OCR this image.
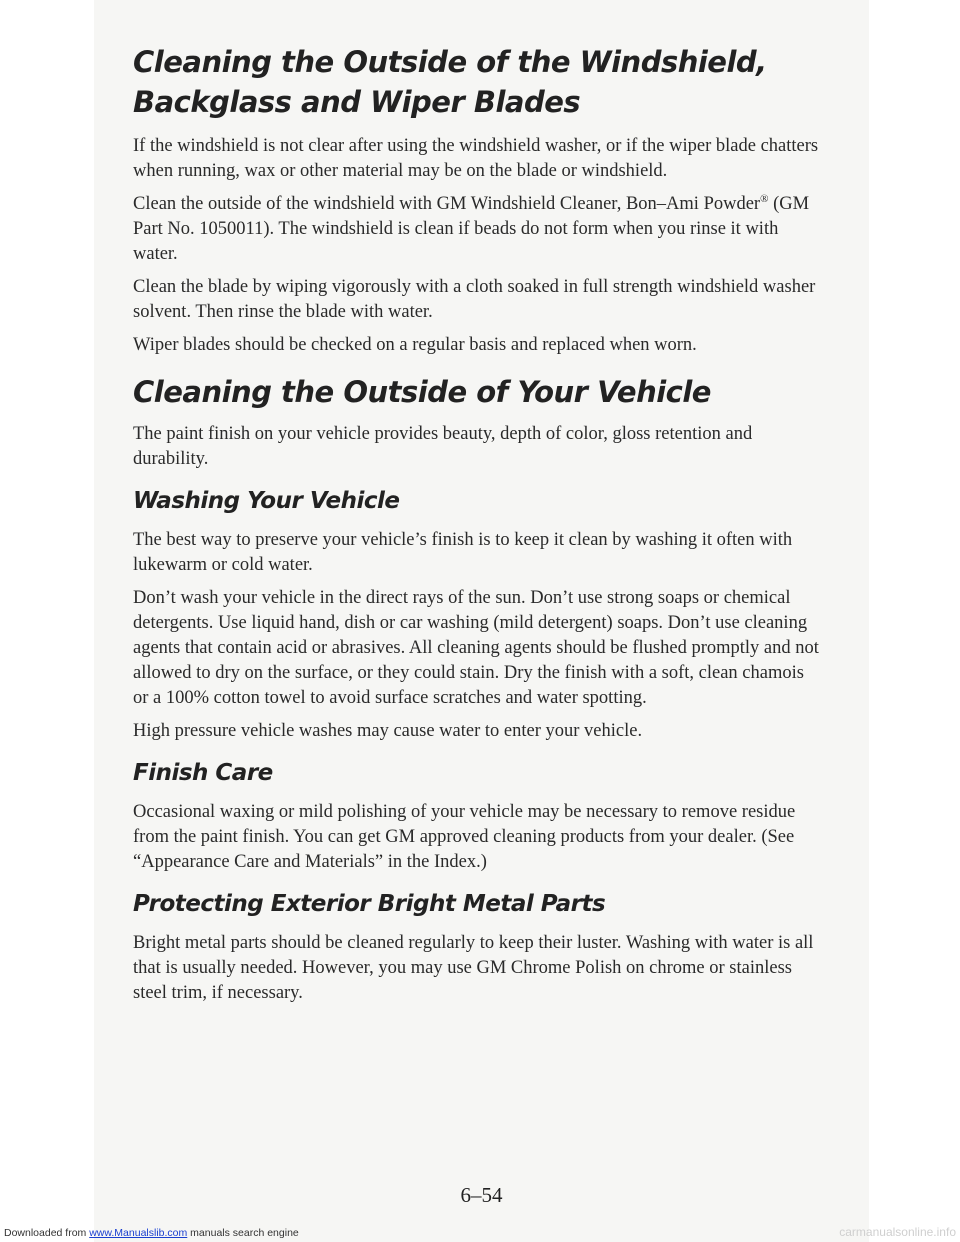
Cleaning the Outside of the Windshield,
Backglass and Wiper Blades

If the windshield is not clear after using the windshield washer, or if the wiper blade chatters when running, wax or other material may be on the blade or windshield.

Clean the outside of the windshield with GM Windshield Cleaner, Bon–Ami Powder® (GM Part No. 1050011). The windshield is clean if beads do not form when you rinse it with water.

Clean the blade by wiping vigorously with a cloth soaked in full strength windshield washer solvent. Then rinse the blade with water.

Wiper blades should be checked on a regular basis and replaced when worn.

Cleaning the Outside of Your Vehicle

The paint finish on your vehicle provides beauty, depth of color, gloss retention and durability.

Washing Your Vehicle

The best way to preserve your vehicle’s finish is to keep it clean by washing it often with lukewarm or cold water.

Don’t wash your vehicle in the direct rays of the sun. Don’t use strong soaps or chemical detergents. Use liquid hand, dish or car washing (mild detergent) soaps. Don’t use cleaning agents that contain acid or abrasives. All cleaning agents should be flushed promptly and not allowed to dry on the surface, or they could stain. Dry the finish with a soft, clean chamois or a 100% cotton towel to avoid surface scratches and water spotting.

High pressure vehicle washes may cause water to enter your vehicle.

Finish Care

Occasional waxing or mild polishing of your vehicle may be necessary to remove residue from the paint finish. You can get GM approved cleaning products from your dealer. (See “Appearance Care and Materials” in the Index.)

Protecting Exterior Bright Metal Parts

Bright metal parts should be cleaned regularly to keep their luster. Washing with water is all that is usually needed. However, you may use GM Chrome Polish on chrome or stainless steel trim, if necessary.

6–54
Downloaded from www.Manualslib.com manuals search engine	carmanualsonline.info
